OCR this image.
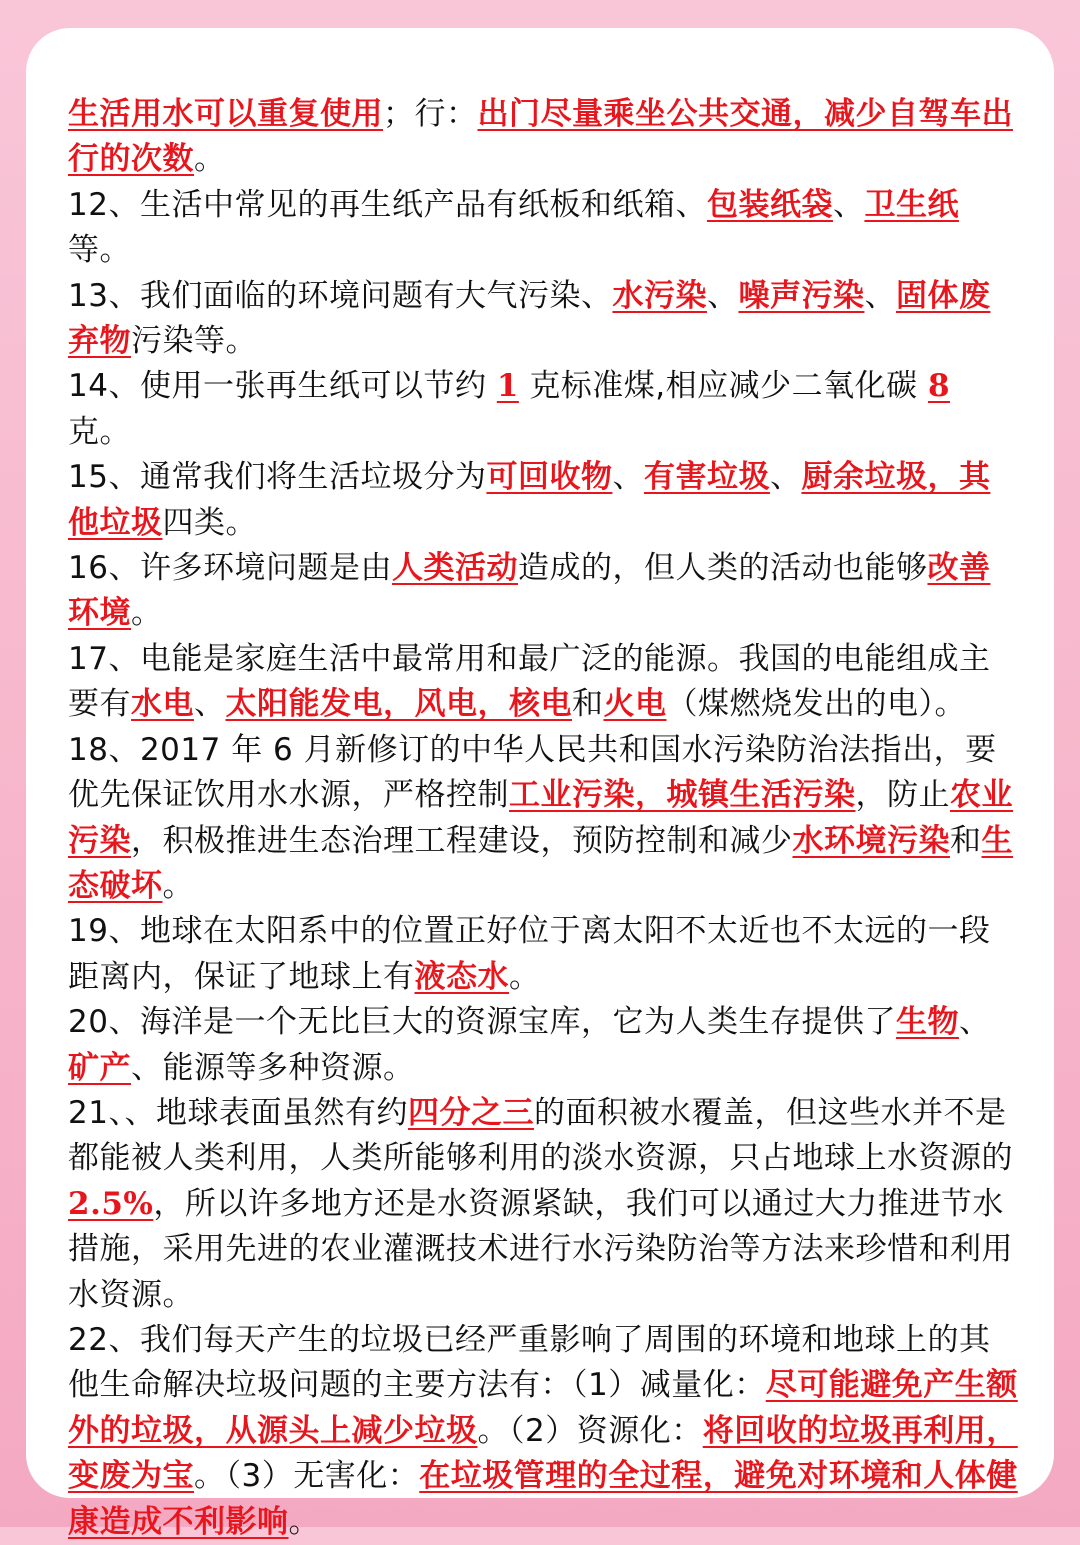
生活用水可以重复使用；行：出门尽量乘坐公共交通，减少自驾车出行的次数。

12、生活中常见的再生纸产品有纸板和纸箱、包装纸袋、卫生纸等。

13、我们面临的环境问题有大气污染、水污染、噪声污染、固体废弃物污染等。

14、使用一张再生纸可以节约 1 克标准煤,相应减少二氧化碳 8 克。

15、通常我们将生活垃圾分为可回收物、有害垃圾、厨余垃圾，其他垃圾四类。

16、许多环境问题是由人类活动造成的，但人类的活动也能够改善环境。

17、电能是家庭生活中最常用和最广泛的能源。我国的电能组成主要有水电、太阳能发电，风电，核电和火电（煤燃烧发出的电）。

18、2017 年 6 月新修订的中华人民共和国水污染防治法指出，要优先保证饮用水水源，严格控制工业污染，城镇生活污染，防止农业污染，积极推进生态治理工程建设，预防控制和减少水环境污染和生态破坏。

19、地球在太阳系中的位置正好位于离太阳不太近也不太远的一段距离内，保证了地球上有液态水。

20、海洋是一个无比巨大的资源宝库，它为人类生存提供了生物、矿产、能源等多种资源。

21、、地球表面虽然有约四分之三的面积被水覆盖，但这些水并不是都能被人类利用，人类所能够利用的淡水资源，只占地球上水资源的 2.5%，所以许多地方还是水资源紧缺，我们可以通过大力推进节水措施，采用先进的农业灌溉技术进行水污染防治等方法来珍惜和利用水资源。

22、我们每天产生的垃圾已经严重影响了周围的环境和地球上的其他生命解决垃圾问题的主要方法有：（1）减量化：尽可能避免产生额外的垃圾，从源头上减少垃圾。（2）资源化：将回收的垃圾再利用，变废为宝。（3）无害化：在垃圾管理的全过程，避免对环境和人体健康造成不利影响。
